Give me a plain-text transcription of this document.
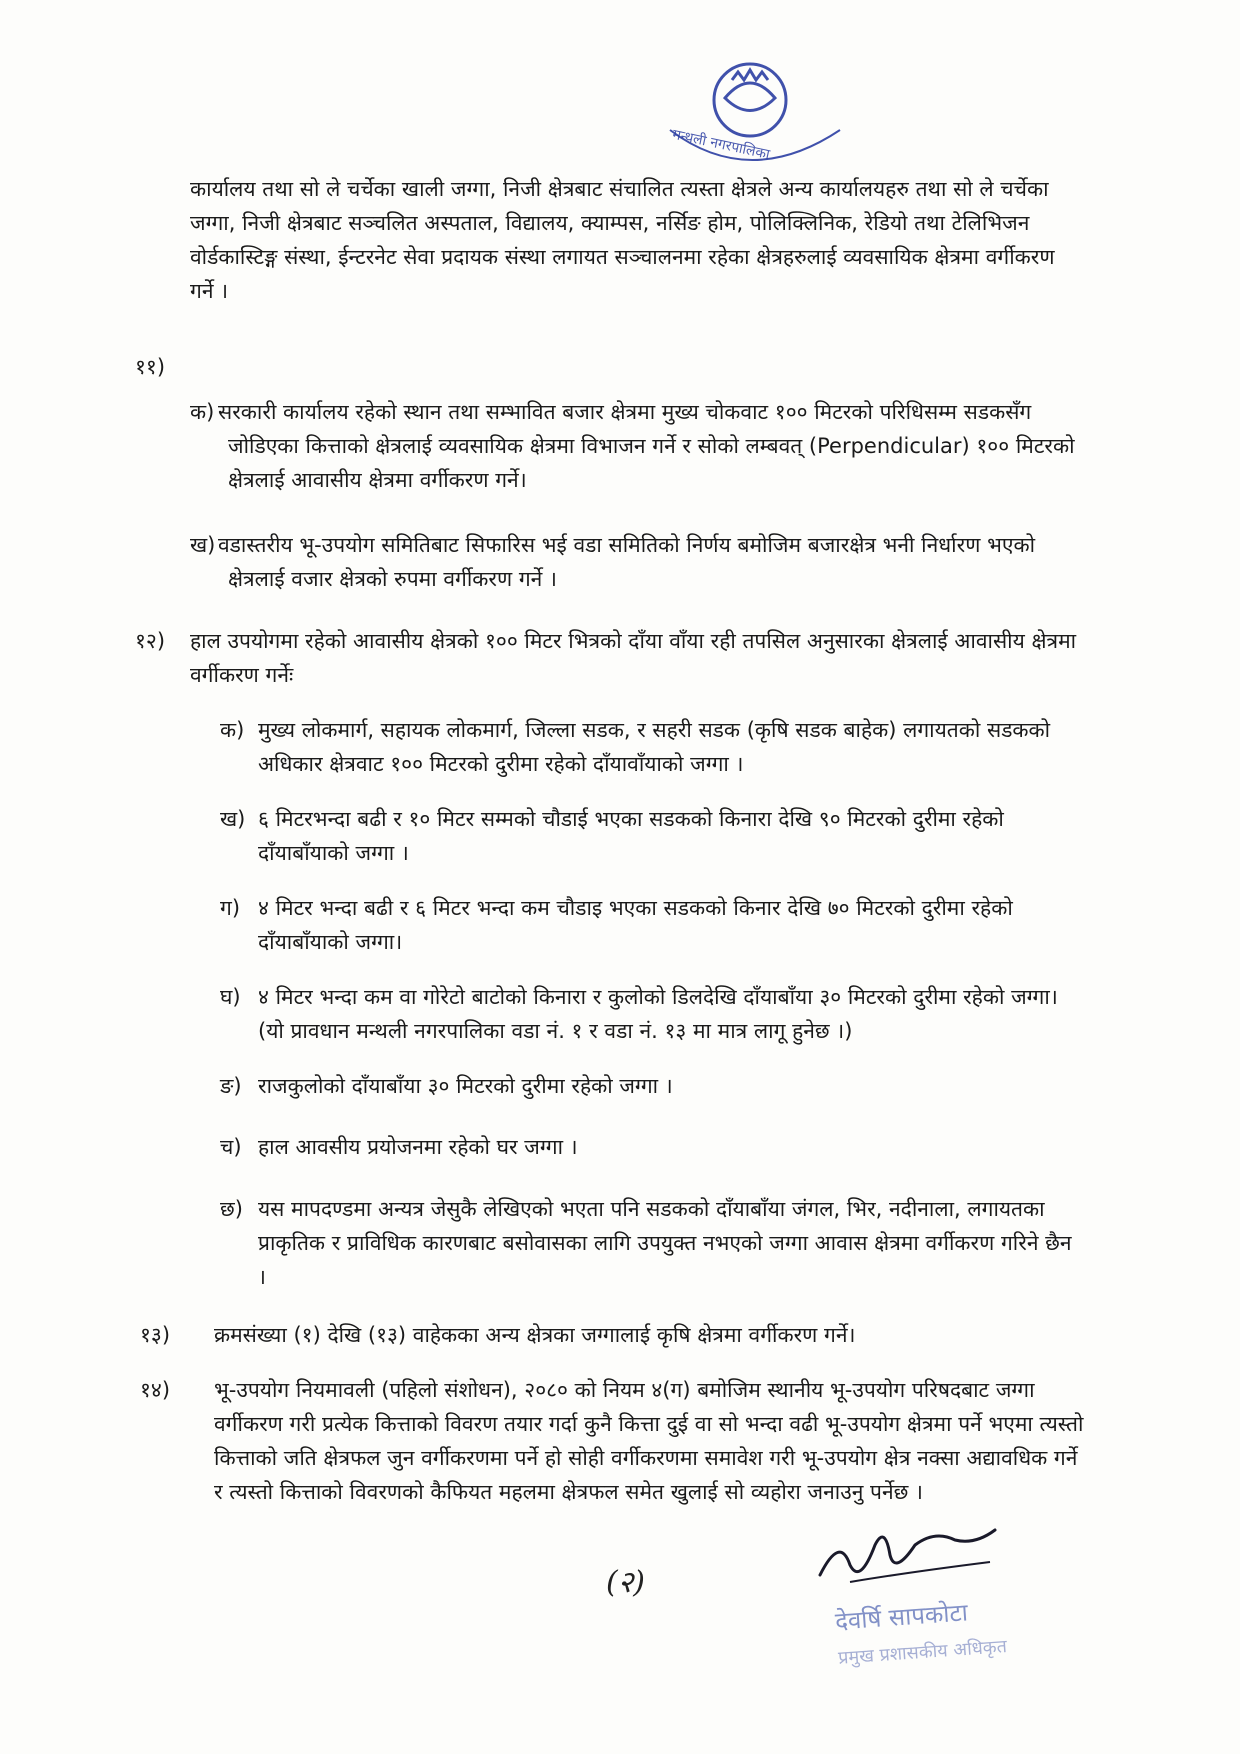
मन्थली नगरपालिका

कार्यालय तथा सो ले चर्चेका खाली जग्गा, निजी क्षेत्रबाट संचालित त्यस्ता क्षेत्रले अन्य कार्यालयहरु तथा सो ले चर्चेका जग्गा, निजी क्षेत्रबाट सञ्चलित अस्पताल, विद्यालय, क्याम्पस, नर्सिङ होम, पोलिक्लिनिक, रेडियो तथा टेलिभिजन वोर्डकास्टिङ्ग संस्था, ईन्टरनेट सेवा प्रदायक संस्था लगायत सञ्चालनमा रहेका क्षेत्रहरुलाई व्यवसायिक क्षेत्रमा वर्गीकरण गर्ने ।

११)
क) सरकारी कार्यालय रहेको स्थान तथा सम्भावित बजार क्षेत्रमा मुख्य चोकवाट १०० मिटरको परिधिसम्म सडकसँग जोडिएका कित्ताको क्षेत्रलाई व्यवसायिक क्षेत्रमा विभाजन गर्ने र सोको लम्बवत् (Perpendicular) १०० मिटरको क्षेत्रलाई आवासीय क्षेत्रमा वर्गीकरण गर्ने।
ख) वडास्तरीय भू-उपयोग समितिबाट सिफारिस भई वडा समितिको निर्णय बमोजिम बजारक्षेत्र भनी निर्धारण भएको क्षेत्रलाई वजार क्षेत्रको रुपमा वर्गीकरण गर्ने ।
१२) हाल उपयोगमा रहेको आवासीय क्षेत्रको १०० मिटर भित्रको दाँया वाँया रही तपसिल अनुसारका क्षेत्रलाई आवासीय क्षेत्रमा वर्गीकरण गर्नेः

क) मुख्य लोकमार्ग, सहायक लोकमार्ग, जिल्ला सडक, र सहरी सडक (कृषि सडक बाहेक) लगायतको सडकको अधिकार क्षेत्रवाट १०० मिटरको दुरीमा रहेको दाँयावाँयाको जग्गा ।
ख) ६ मिटरभन्दा बढी र १० मिटर सम्मको चौडाई भएका सडकको किनारा देखि ९० मिटरको दुरीमा रहेको दाँयाबाँयाको जग्गा ।
ग) ४ मिटर भन्दा बढी र ६ मिटर भन्दा कम चौडाइ भएका सडकको किनार देखि ७० मिटरको दुरीमा रहेको दाँयाबाँयाको जग्गा।
घ) ४ मिटर भन्दा कम वा गोरेटो बाटोको किनारा र कुलोको डिलदेखि दाँयाबाँया ३० मिटरको दुरीमा रहेको जग्गा। (यो प्रावधान मन्थली नगरपालिका वडा नं. १ र वडा नं. १३ मा मात्र लागू हुनेछ ।)
ङ) राजकुलोको दाँयाबाँया ३० मिटरको दुरीमा रहेको जग्गा ।
च) हाल आवसीय प्रयोजनमा रहेको घर जग्गा ।
छ) यस मापदण्डमा अन्यत्र जेसुकै लेखिएको भएता पनि सडकको दाँयाबाँया जंगल, भिर, नदीनाला, लगायतका प्राकृतिक र प्राविधिक कारणबाट बसोवासका लागि उपयुक्त नभएको जग्गा आवास क्षेत्रमा वर्गीकरण गरिने छैन ।
१३) क्रमसंख्या (१) देखि (१३) वाहेकका अन्य क्षेत्रका जग्गालाई कृषि क्षेत्रमा वर्गीकरण गर्ने।

१४) भू-उपयोग नियमावली (पहिलो संशोधन), २०८० को नियम ४(ग) बमोजिम स्थानीय भू-उपयोग परिषदबाट जग्गा वर्गीकरण गरी प्रत्येक कित्ताको विवरण तयार गर्दा कुनै कित्ता दुई वा सो भन्दा वढी भू-उपयोग क्षेत्रमा पर्ने भएमा त्यस्तो कित्ताको जति क्षेत्रफल जुन वर्गीकरणमा पर्ने हो सोही वर्गीकरणमा समावेश गरी भू-उपयोग क्षेत्र नक्सा अद्यावधिक गर्ने र त्यस्तो कित्ताको विवरणको कैफियत महलमा क्षेत्रफल समेत खुलाई सो व्यहोरा जनाउनु पर्नेछ ।

(२)
देवर्षि सापकोटा
प्रमुख प्रशासकीय अधिकृत
